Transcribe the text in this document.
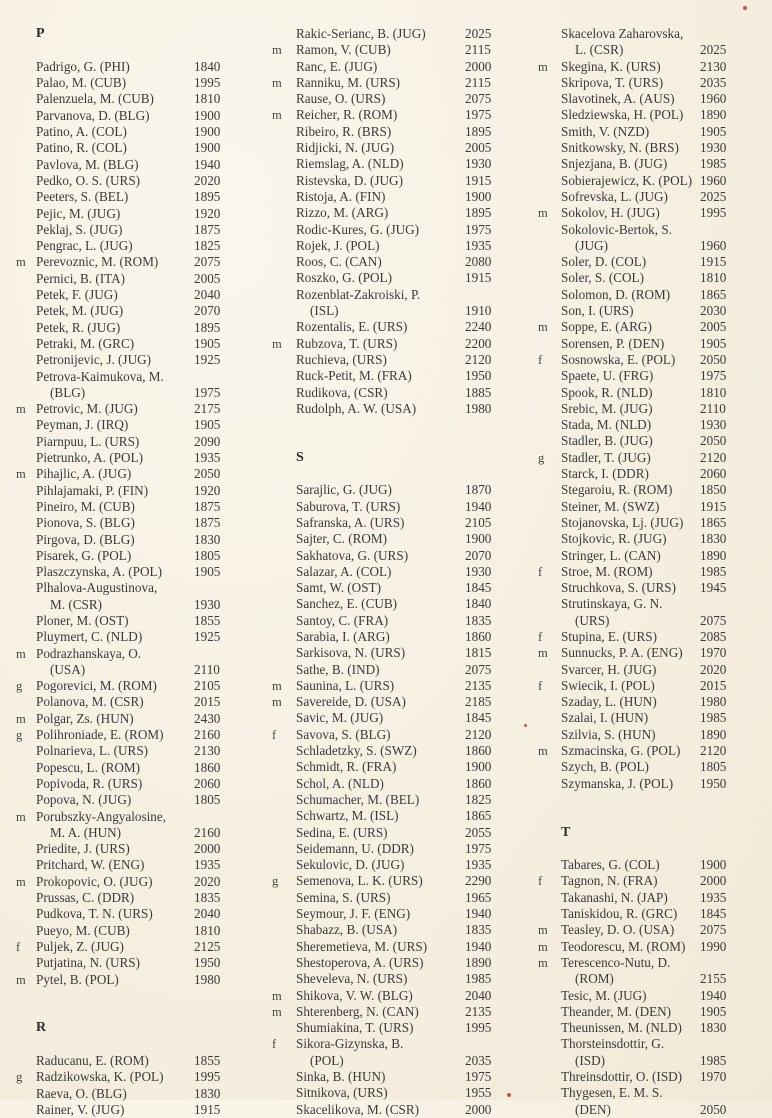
P
Padrigo, G. (PHI)	1840
Palao, M. (CUB)	1995
Palenzuela, M. (CUB)	1810
Parvanova, D. (BLG)	1900
Patino, A. (COL)	1900
Patino, R. (COL)	1900
Pavlova, M. (BLG)	1940
Pedko, O. S. (URS)	2020
Peeters, S. (BEL)	1895
Pejic, M. (JUG)	1920
Peklaj, S. (JUG)	1875
Pengrac, L. (JUG)	1825
m Perevoznic, M. (ROM)	2075
Pernici, B. (ITA)	2005
Petek, F. (JUG)	2040
Petek, M. (JUG)	2070
Petek, R. (JUG)	1895
Petraki, M. (GRC)	1905
Petronijevic, J. (JUG)	1925
Petrova-Kaimukova, M.
(BLG)	1975
m Petrovic, M. (JUG)	2175
Peyman, J. (IRQ)	1905
Piarnpuu, L. (URS)	2090
Pietrunko, A. (POL)	1935
m Pihajlic, A. (JUG)	2050
Pihlajamaki, P. (FIN)	1920
Pineiro, M. (CUB)	1875
Pionova, S. (BLG)	1875
Pirgova, D. (BLG)	1830
Pisarek, G. (POL)	1805
Plaszczynska, A. (POL) 1905
Plhalova-Augustinova,
M. (CSR)	1930
Ploner, M. (OST)	1855
Pluymert, C. (NLD)	1925
m Podrazhanskaya, O.
(USA)	2110
g Pogorevici, M. (ROM)	2105
Polanova, M. (CSR)	2015
m Polgar, Zs. (HUN)	2430
g Polihroniade, E. (ROM) 2160
Polnarieva, L. (URS)	2130
Popescu, L. (ROM)	1860
Popivoda, R. (URS)	2060
Popova, N. (JUG)	1805
m Porubszky-Angyalosine,
M. A. (HUN)	2160
Priedite, J. (URS)	2000
Pritchard, W. (ENG)	1935
m Prokopovic, O. (JUG)	2020
Prussas, C. (DDR)	1835
Pudkova, T. N. (URS)	2040
Pueyo, M. (CUB)	1810
f Puljek, Z. (JUG)	2125
Putjatina, N. (URS)	1950
m Pytel, B. (POL)	1980
R
Raducanu, E. (ROM)	1855
g Radzikowska, K. (POL) 1995
Raeva, O. (BLG)	1830
Rainer, V. (JUG)	1915
Rakic-Serianc, B. (JUG)	2025
m Ramon, V. (CUB)	2115
Ranc, E. (JUG)	2000
m Ranniku, M. (URS)	2115
Rause, O. (URS)	2075
m Reicher, R. (ROM)	1975
Ribeiro, R. (BRS)	1895
Ridjicki, N. (JUG)	2005
Riemslag, A. (NLD)	1930
Ristevska, D. (JUG)	1915
Ristoja, A. (FIN)	1900
Rizzo, M. (ARG)	1895
Rodic-Kures, G. (JUG)	1975
Rojek, J. (POL)	1935
Roos, C. (CAN)	2080
Roszko, G. (POL)	1915
Rozenblat-Zakroiski, P.
(ISL)	1910
Rozentalis, E. (URS)	2240
m Rubzova, T. (URS)	2200
Ruchieva, (URS)	2120
Ruck-Petit, M. (FRA)	1950
Rudikova, (CSR)	1885
Rudolph, A. W. (USA)	1980
S
Sarajlic, G. (JUG)	1870
Saburova, T. (URS)	1940
Safranska, A. (URS)	2105
Sajter, C. (ROM)	1900
Sakhatova, G. (URS)	2070
Salazar, A. (COL)	1930
Samt, W. (OST)	1845
Sanchez, E. (CUB)	1840
Santoy, C. (FRA)	1835
Sarabia, I. (ARG)	1860
Sarkisova, N. (URS)	1815
Sathe, B. (IND)	2075
m Saunina, L. (URS)	2135
m Savereide, D. (USA)	2185
Savic, M. (JUG)	1845
f Savova, S. (BLG)	2120
Schladetzky, S. (SWZ)	1860
Schmidt, R. (FRA)	1900
Schol, A. (NLD)	1860
Schumacher, M. (BEL)	1825
Schwartz, M. (ISL)	1865
Sedina, E. (URS)	2055
Seidemann, U. (DDR)	1975
Sekulovic, D. (JUG)	1935
g Semenova, L. K. (URS)	2290
Semina, S. (URS)	1965
Seymour, J. F. (ENG)	1940
Shabazz, B. (USA)	1835
Sheremetieva, M. (URS)	1940
Shestoperova, A. (URS)	1890
Sheveleva, N. (URS)	1985
m Shikova, V. W. (BLG)	2040
m Shterenberg, N. (CAN)	2135
Shumiakina, T. (URS)	1995
f Sikora-Gizynska, B.
(POL)	2035
Sinka, B. (HUN)	1975
Sitnikova, (URS)	1955
Skacelikova, M. (CSR)	2000
Skacelova Zaharovska,
L. (CSR)	2025
m Skegina, K. (URS)	2130
Skripova, T. (URS)	2035
Slavotinek, A. (AUS) 1960
Sledziewska, H. (POL) 1890
Smith, V. (NZD)	1905
Snitkowsky, N. (BRS) 1930
Snjezjana, B. (JUG) 1985
Sobierajewicz, K. (POL) 1960
Sofrevska, L. (JUG) 2025
m Sokolov, H. (JUG)	1995
Sokolovic-Bertok, S.
(JUG)	1960
Soler, D. (COL)	1915
Soler, S. (COL)	1810
Solomon, D. (ROM) 1865
Son, I. (URS)	2030
m Soppe, E. (ARG)	2005
Sorensen, P. (DEN)	1905
f Sosnowska, E. (POL) 2050
Spaete, U. (FRG)	1975
Spook, R. (NLD)	1810
Srebic, M. (JUG)	2110
Stada, M. (NLD)	1930
Stadler, B. (JUG)	2050
g Stadler, T. (JUG)	2120
Starck, I. (DDR)	2060
Stegaroiu, R. (ROM) 1850
Steiner, M. (SWZ)	1915
Stojanovska, Lj. (JUG) 1865
Stojkovic, R. (JUG)	1830
Stringer, L. (CAN)	1890
f Stroe, M. (ROM)	1985
Struchkova, S. (URS) 1945
Strutinskaya, G. N.
(URS)	2075
f Stupina, E. (URS)	2085
m Sunnucks, P. A. (ENG) 1970
Svarcer, H. (JUG)	2020
f Swiecik, I. (POL)	2015
Szaday, L. (HUN)	1980
Szalai, I. (HUN)	1985
Szilvia, S. (HUN)	1890
m Szmacinska, G. (POL) 2120
Szych, B. (POL)	1805
Szymanska, J. (POL) 1950
T
Tabares, G. (COL)	1900
f Tagnon, N. (FRA)	2000
Takanashi, N. (JAP) 1935
Taniskidou, R. (GRC) 1845
m Teasley, D. O. (USA) 2075
m Teodorescu, M. (ROM) 1990
m Terescenco-Nutu, D.
(ROM)	2155
Tesic, M. (JUG)	1940
Theander, M. (DEN) 1905
Theunissen, M. (NLD) 1830
Thorsteinsdottir, G.
(ISD)	1985
Threinsdottir, O. (ISD) 1970
Thygesen, E. M. S.
(DEN)	2050
